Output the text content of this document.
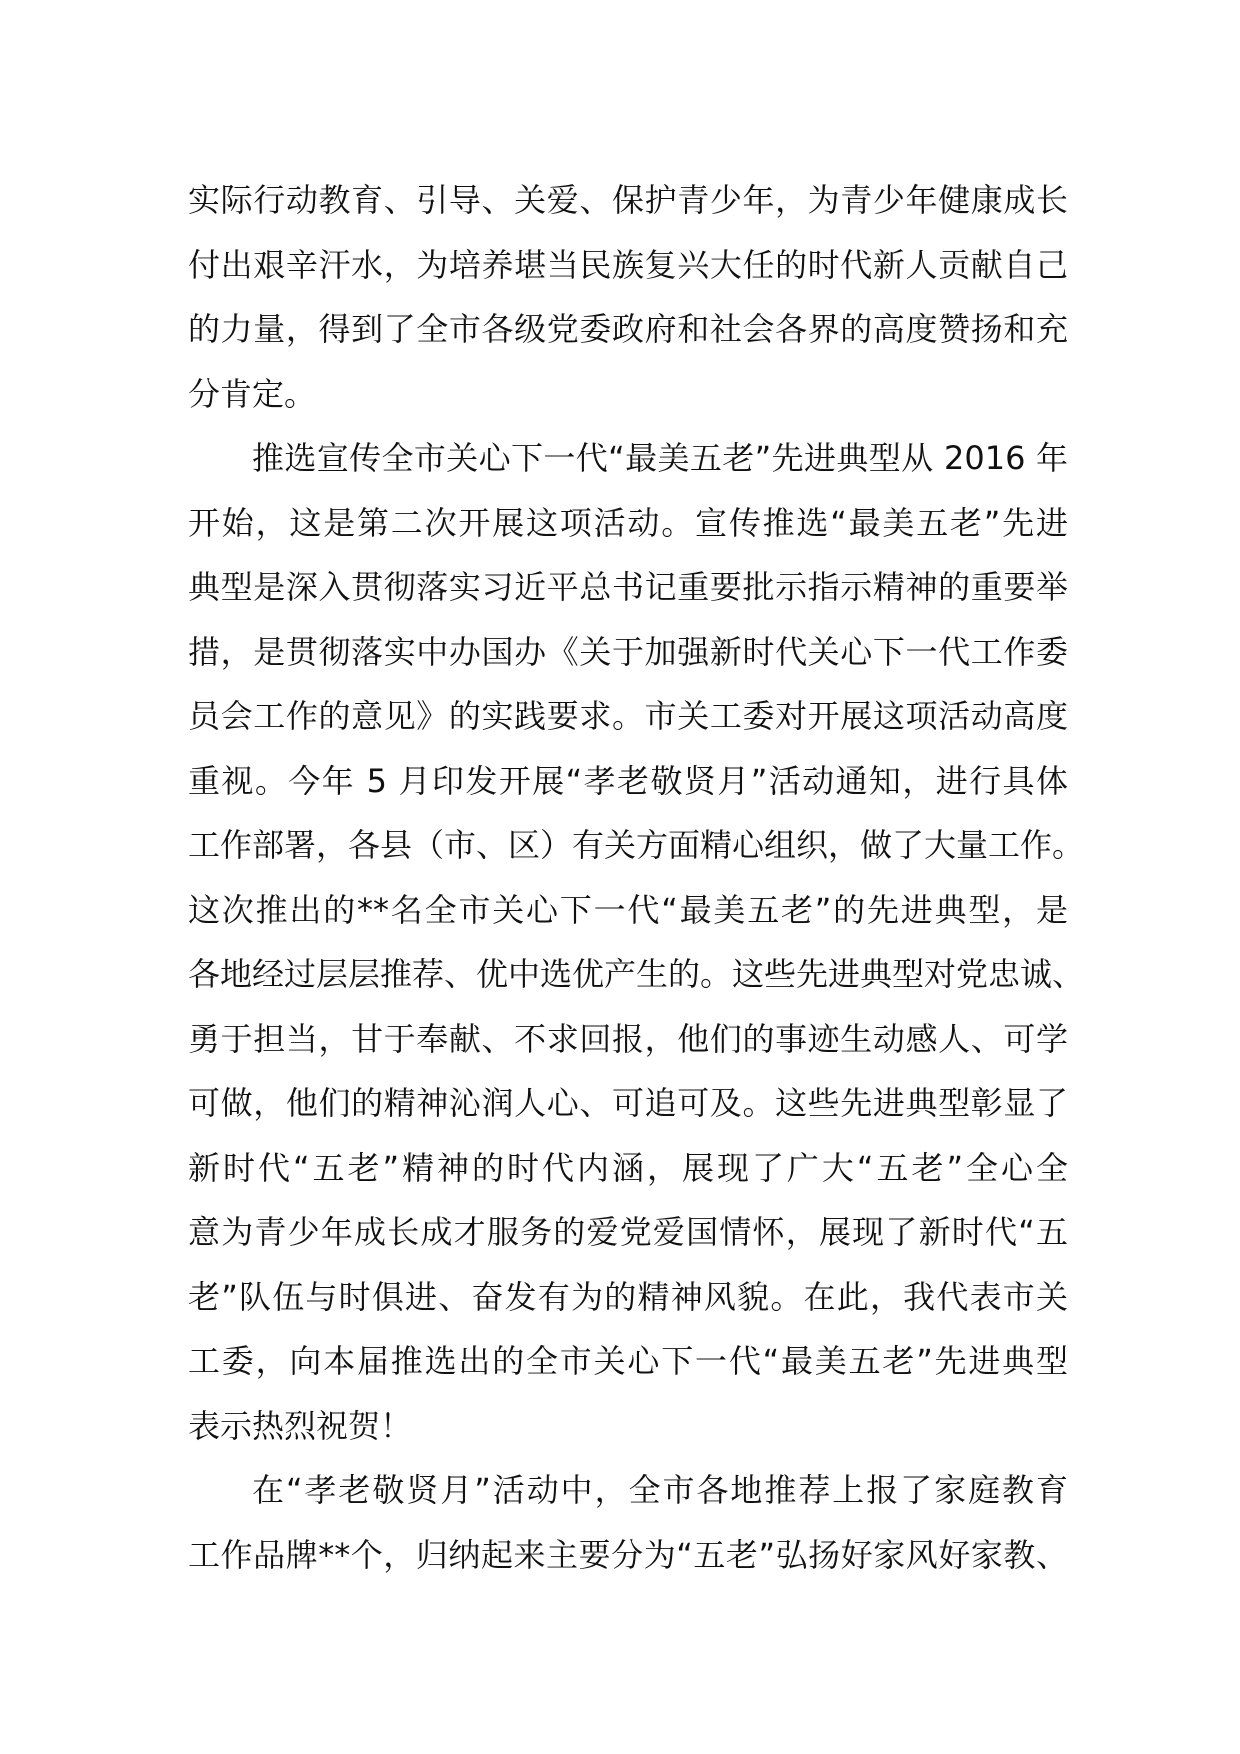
实际行动教育、引导、关爱、保护青少年，为青少年健康成长
付出艰辛汗水，为培养堪当民族复兴大任的时代新人贡献自己
的力量，得到了全市各级党委政府和社会各界的高度赞扬和充
分肯定。
推选宣传全市关心下一代“最美五老”先进典型从 2016 年
开始，这是第二次开展这项活动。宣传推选“最美五老”先进
典型是深入贯彻落实习近平总书记重要批示指示精神的重要举
措，是贯彻落实中办国办《关于加强新时代关心下一代工作委
员会工作的意见》的实践要求。市关工委对开展这项活动高度
重视。今年 5 月印发开展“孝老敬贤月”活动通知，进行具体
工作部署，各县（市、区）有关方面精心组织，做了大量工作。
这次推出的**名全市关心下一代“最美五老”的先进典型，是
各地经过层层推荐、优中选优产生的。这些先进典型对党忠诚、
勇于担当，甘于奉献、不求回报，他们的事迹生动感人、可学
可做，他们的精神沁润人心、可追可及。这些先进典型彰显了
新时代“五老”精神的时代内涵，展现了广大“五老”全心全
意为青少年成长成才服务的爱党爱国情怀，展现了新时代“五
老”队伍与时俱进、奋发有为的精神风貌。在此，我代表市关
工委，向本届推选出的全市关心下一代“最美五老”先进典型
表示热烈祝贺！
在“孝老敬贤月”活动中，全市各地推荐上报了家庭教育
工作品牌**个，归纳起来主要分为“五老”弘扬好家风好家教、
